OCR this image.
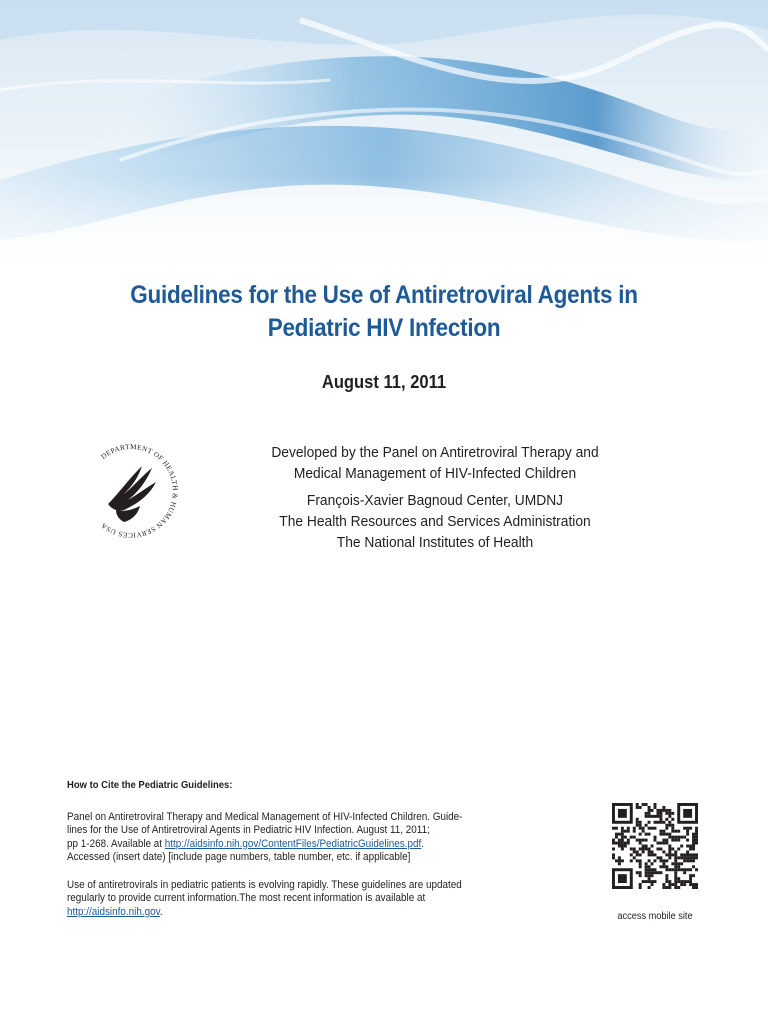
Guidelines for the Use of Antiretroviral Agents in
Pediatric HIV Infection
August 11, 2011
DEPARTMENT OF HEALTH & HUMAN SERVICES USA
Developed by the Panel on Antiretroviral Therapy and
Medical Management of HIV-Infected Children
François-Xavier Bagnoud Center, UMDNJ
The Health Resources and Services Administration
The National Institutes of Health
How to Cite the Pediatric Guidelines:
Panel on Antiretroviral Therapy and Medical Management of HIV-Infected Children. Guide-
lines for the Use of Antiretroviral Agents in Pediatric HIV Infection. August 11, 2011;
pp 1-268. Available at http://aidsinfo.nih.gov/ContentFiles/PediatricGuidelines.pdf.
Accessed (insert date) [include page numbers, table number, etc. if applicable]
Use of antiretrovirals in pediatric patients is evolving rapidly. These guidelines are updated
regularly to provide current information.The most recent information is available at
http://aidsinfo.nih.gov.	access mobile site
